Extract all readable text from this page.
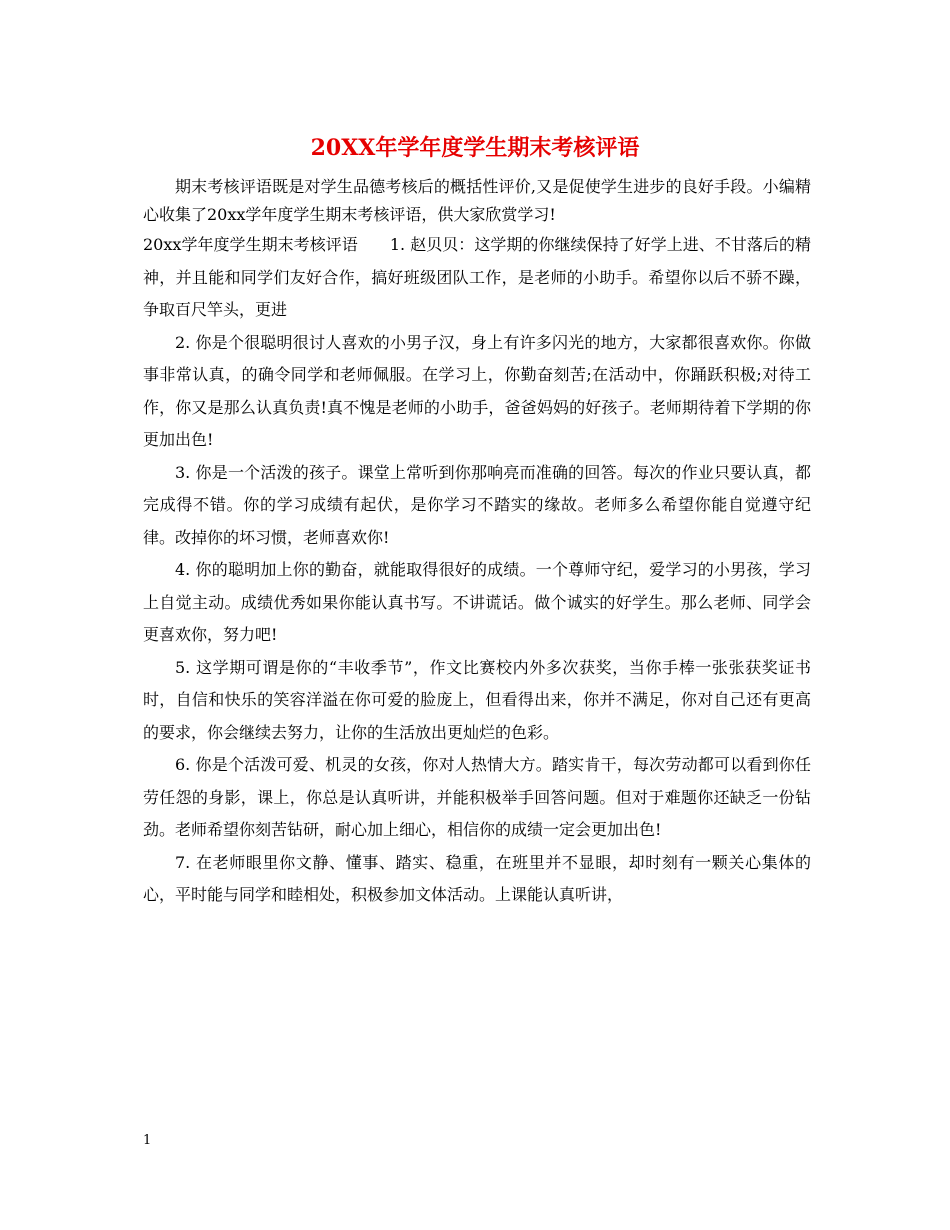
20XX年学年度学生期末考核评语

期末考核评语既是对学生品德考核后的概括性评价,又是促使学生进步的良好手段。小编精心收集了20xx学年度学生期末考核评语，供大家欣赏学习!

20xx学年度学生期末考核评语   1. 赵贝贝：这学期的你继续保持了好学上进、不甘落后的精神，并且能和同学们友好合作，搞好班级团队工作，是老师的小助手。希望你以后不骄不躁，争取百尺竿头，更进

2. 你是个很聪明很讨人喜欢的小男子汉，身上有许多闪光的地方，大家都很喜欢你。你做事非常认真，的确令同学和老师佩服。在学习上，你勤奋刻苦;在活动中，你踊跃积极;对待工作，你又是那么认真负责!真不愧是老师的小助手，爸爸妈妈的好孩子。老师期待着下学期的你更加出色!

3. 你是一个活泼的孩子。课堂上常听到你那响亮而准确的回答。每次的作业只要认真，都完成得不错。你的学习成绩有起伏，是你学习不踏实的缘故。老师多么希望你能自觉遵守纪律。改掉你的坏习惯，老师喜欢你!

4. 你的聪明加上你的勤奋，就能取得很好的成绩。一个尊师守纪，爱学习的小男孩，学习上自觉主动。成绩优秀如果你能认真书写。不讲谎话。做个诚实的好学生。那么老师、同学会更喜欢你，努力吧!

5. 这学期可谓是你的“丰收季节”，作文比赛校内外多次获奖，当你手棒一张张获奖证书时，自信和快乐的笑容洋溢在你可爱的脸庞上，但看得出来，你并不满足，你对自己还有更高的要求，你会继续去努力，让你的生活放出更灿烂的色彩。

6. 你是个活泼可爱、机灵的女孩，你对人热情大方。踏实肯干，每次劳动都可以看到你任劳任怨的身影，课上，你总是认真听讲，并能积极举手回答问题。但对于难题你还缺乏一份钻劲。老师希望你刻苦钻研，耐心加上细心，相信你的成绩一定会更加出色!

7. 在老师眼里你文静、懂事、踏实、稳重，在班里并不显眼，却时刻有一颗关心集体的心，平时能与同学和睦相处，积极参加文体活动。上课能认真听讲，

1
